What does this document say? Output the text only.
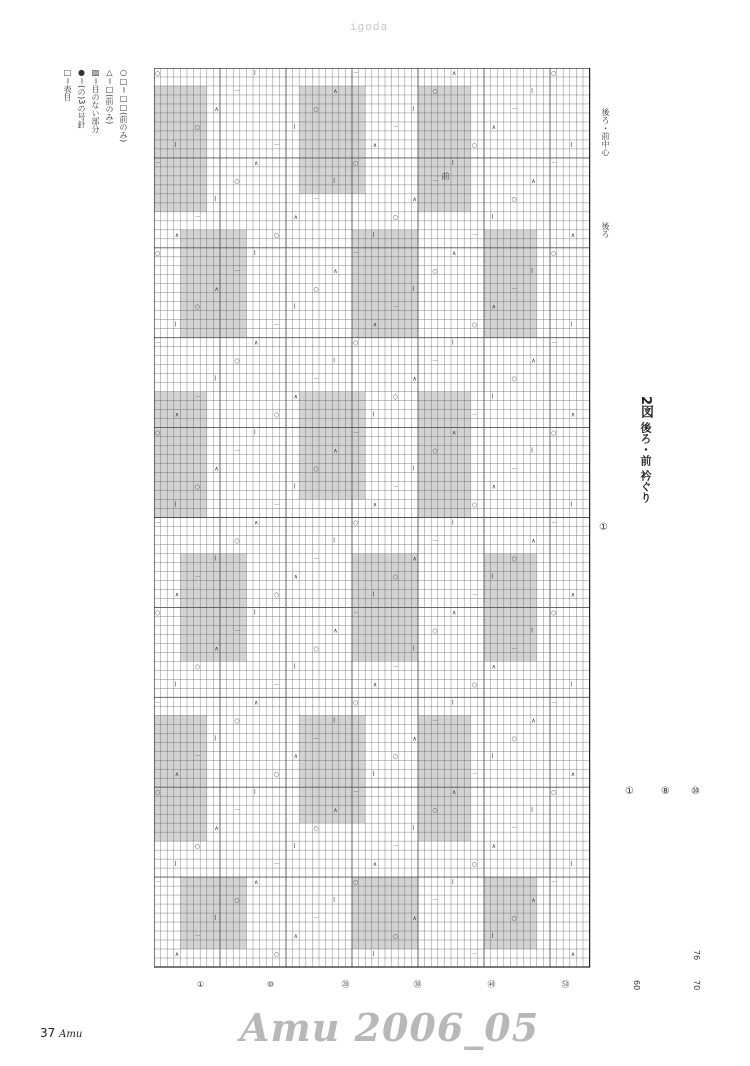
igoda
□＝表目
●＝(の)3の号針
▨＝目のない部分 △＝□(前のみ) ○□＝□□(前のみ)
○	l	－	∧	○
－	∧	○	l
∧	○	l	－
○	l	－	∧
l	－	∧	○	l
－	∧	○	l	－
○	l	－	∧
l	－	∧	○
－	∧	○	l
∧	○	l	－	∧
○	l	－	∧	○
－	∧	○	l
∧	○	l	－
○	l	－	∧
l	－	∧	○	l
－	∧	○	l	－
○	l	－	∧
l	－	∧	○
－	∧	○	l
∧	○	l	－	∧
○	l	－	∧	○
－	∧	○	l
∧	○	l	－
○	l	－	∧
l	－	∧	○	l
－	∧	○	l	－
○	l	－	∧
l	－	∧	○
－	∧	○	l
∧	○	l	－	∧
○	l	－	∧	○
－	∧	○	l
∧	○	l	－
○	l	－	∧
l	－	∧	○	l
－	∧	○	l	－
○	l	－	∧
l	－	∧	○
－	∧	○	l
∧	○	l	－	∧
○	l	－	∧	○
－	∧	○	l
∧	○	l	－
○	l	－	∧
l	－	∧	○	l
－	∧	○	l	－
○	l	－	∧
l	－	∧	○
－	∧	○	l
∧	○	l	－	∧
後ろ・前中心
後ろ
前
2図 後ろ・前 衿ぐり
①
①	⑧ ⑩
①	⑩	⑳	㉚	㊵	㊿	60	70
76
37 Amu	Amu 2006_05
